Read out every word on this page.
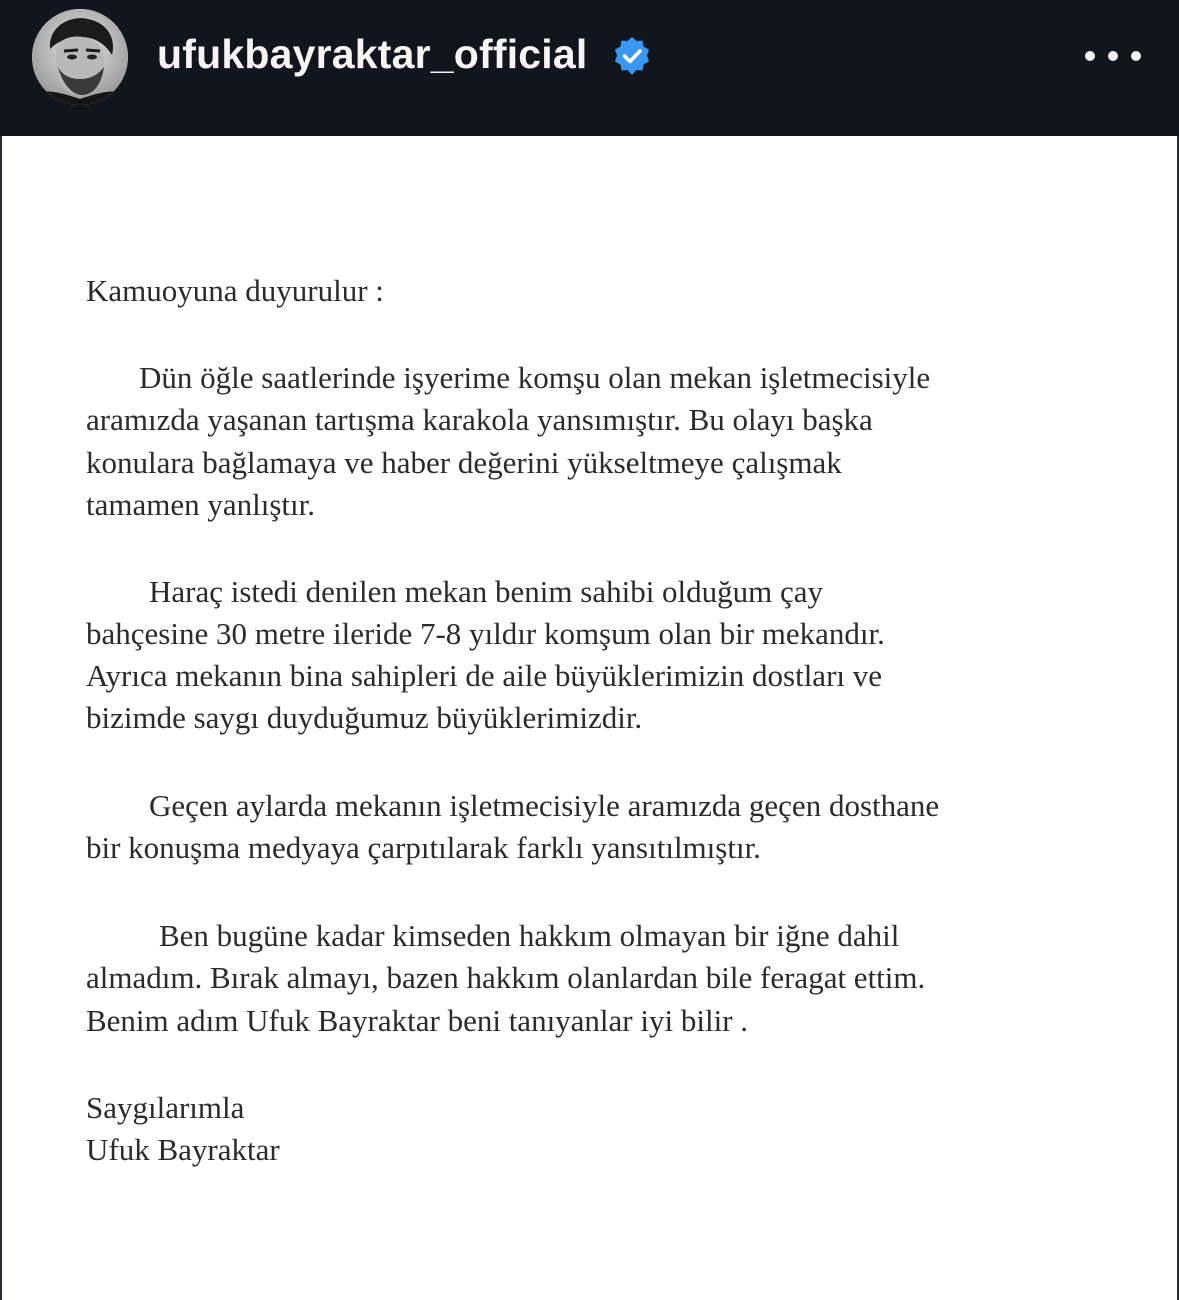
ufukbayraktar_official
Kamuoyuna duyurulur :
Dün öğle saatlerinde işyerime komşu olan mekan işletmecisiyle
aramızda yaşanan tartışma karakola yansımıştır. Bu olayı başka
konulara bağlamaya ve haber değerini yükseltmeye çalışmak
tamamen yanlıştır.
Haraç istedi denilen mekan benim sahibi olduğum çay
bahçesine 30 metre ileride 7-8 yıldır komşum olan bir mekandır.
Ayrıca mekanın bina sahipleri de aile büyüklerimizin dostları ve
bizimde saygı duyduğumuz büyüklerimizdir.
Geçen aylarda mekanın işletmecisiyle aramızda geçen dosthane
bir konuşma medyaya çarpıtılarak farklı yansıtılmıştır.
Ben bugüne kadar kimseden hakkım olmayan bir iğne dahil
almadım. Bırak almayı, bazen hakkım olanlardan bile feragat ettim.
Benim adım Ufuk Bayraktar beni tanıyanlar iyi bilir .
Saygılarımla
Ufuk Bayraktar
